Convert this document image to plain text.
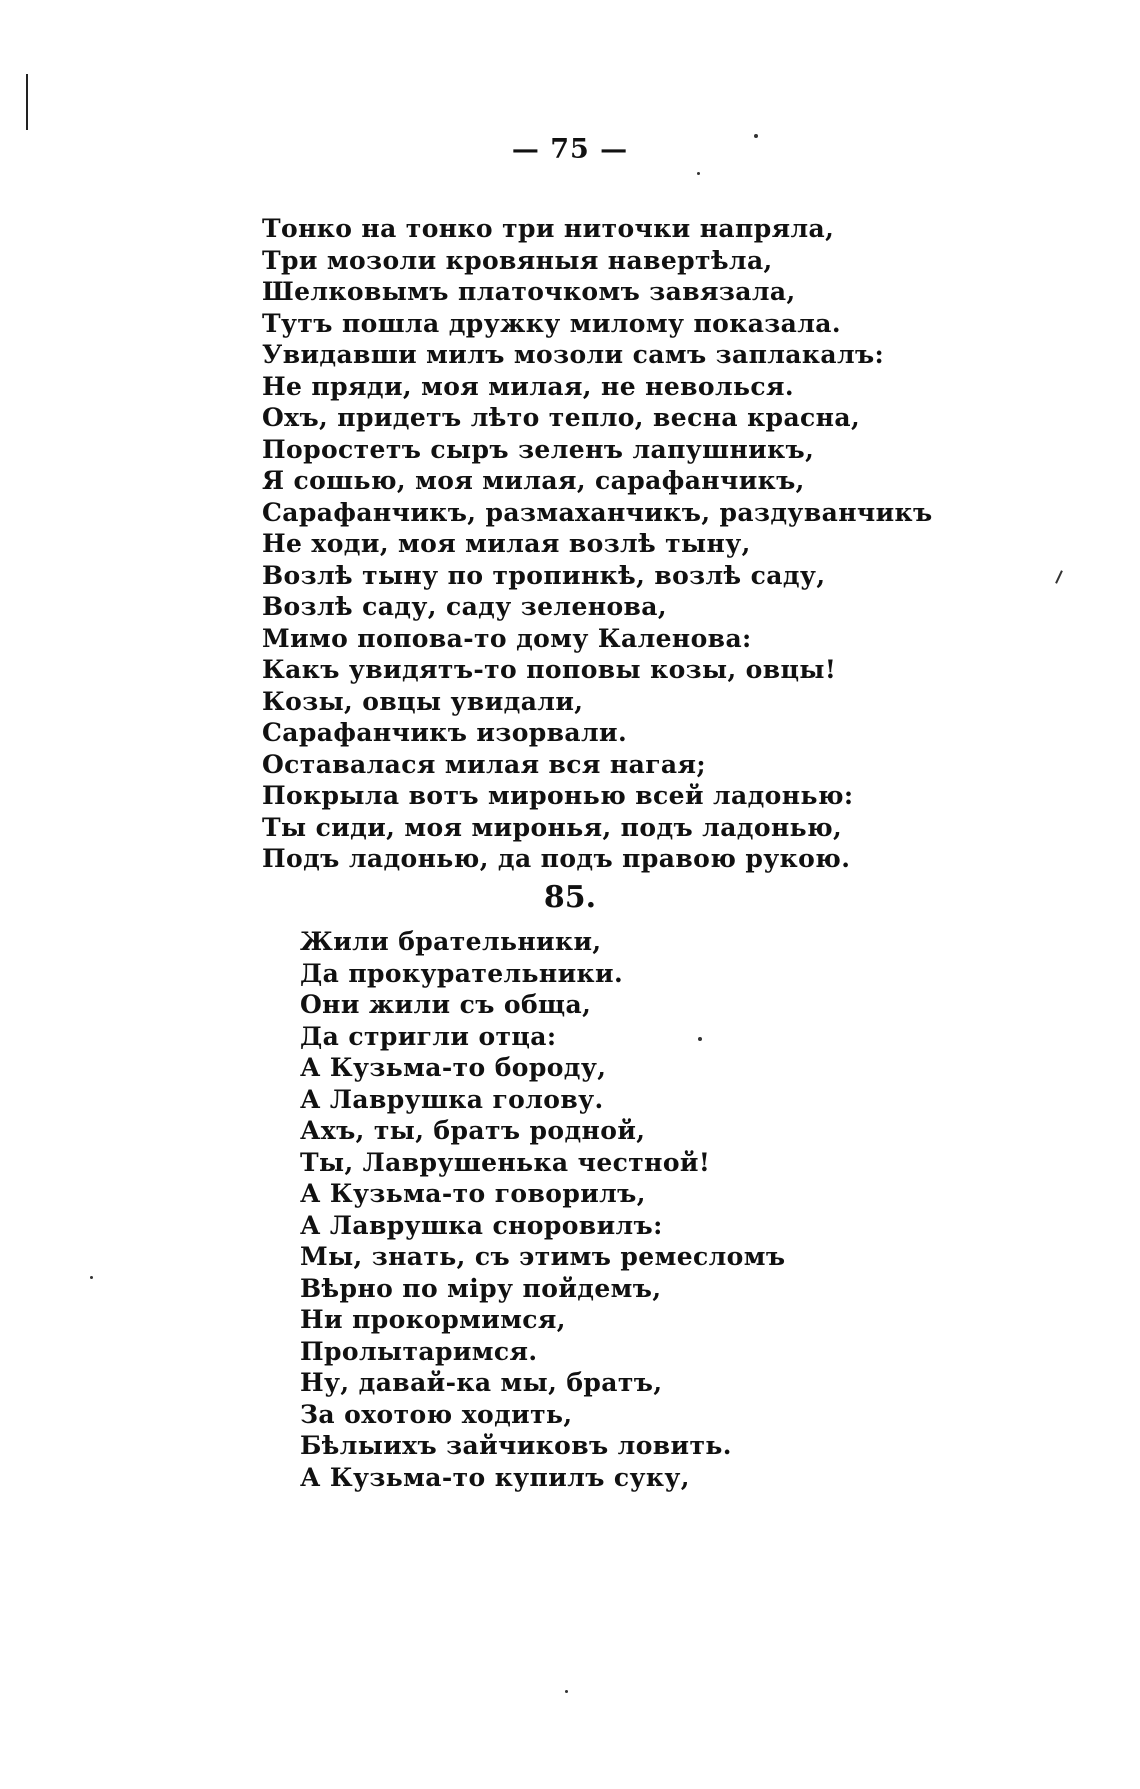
— 75 —
Тонко на тонко три ниточки напряла,
Три мозоли кровяныя навертѣла,
Шелковымъ платочкомъ завязала,
Тутъ пошла дружку милому показала.
Увидавши милъ мозоли самъ заплакалъ:
Не пряди, моя милая, не неволься.
Охъ, придетъ лѣто тепло, весна красна,
Поростетъ сыръ зеленъ лапушникъ,
Я сошью, моя милая, сарафанчикъ,
Сарафанчикъ, размаханчикъ, раздуванчикъ
Не ходи, моя милая возлѣ тыну,
Возлѣ тыну по тропинкѣ, возлѣ саду,
Возлѣ саду, саду зеленова,
Мимо попова-то дому Каленова:
Какъ увидятъ-то поповы козы, овцы!
Козы, овцы увидали,
Сарафанчикъ изорвали.
Оставалася милая вся нагая;
Покрыла вотъ миронью всей ладонью:
Ты сиди, моя миронья, подъ ладонью,
Подъ ладонью, да подъ правою рукою.
85.
Жили брательники,
Да прокурательники.
Они жили съ обща,
Да стригли отца:
А Кузьма-то бороду,
А Лаврушка голову.
Ахъ, ты, братъ родной,
Ты, Лаврушенька честной!
А Кузьма-то говорилъ,
А Лаврушка сноровилъ:
Мы, знать, съ этимъ ремесломъ
Вѣрно по міру пойдемъ,
Ни прокормимся,
Пролытаримся.
Ну, давай-ка мы, братъ,
За охотою ходить,
Бѣлыихъ зайчиковъ ловить.
А Кузьма-то купилъ суку,
